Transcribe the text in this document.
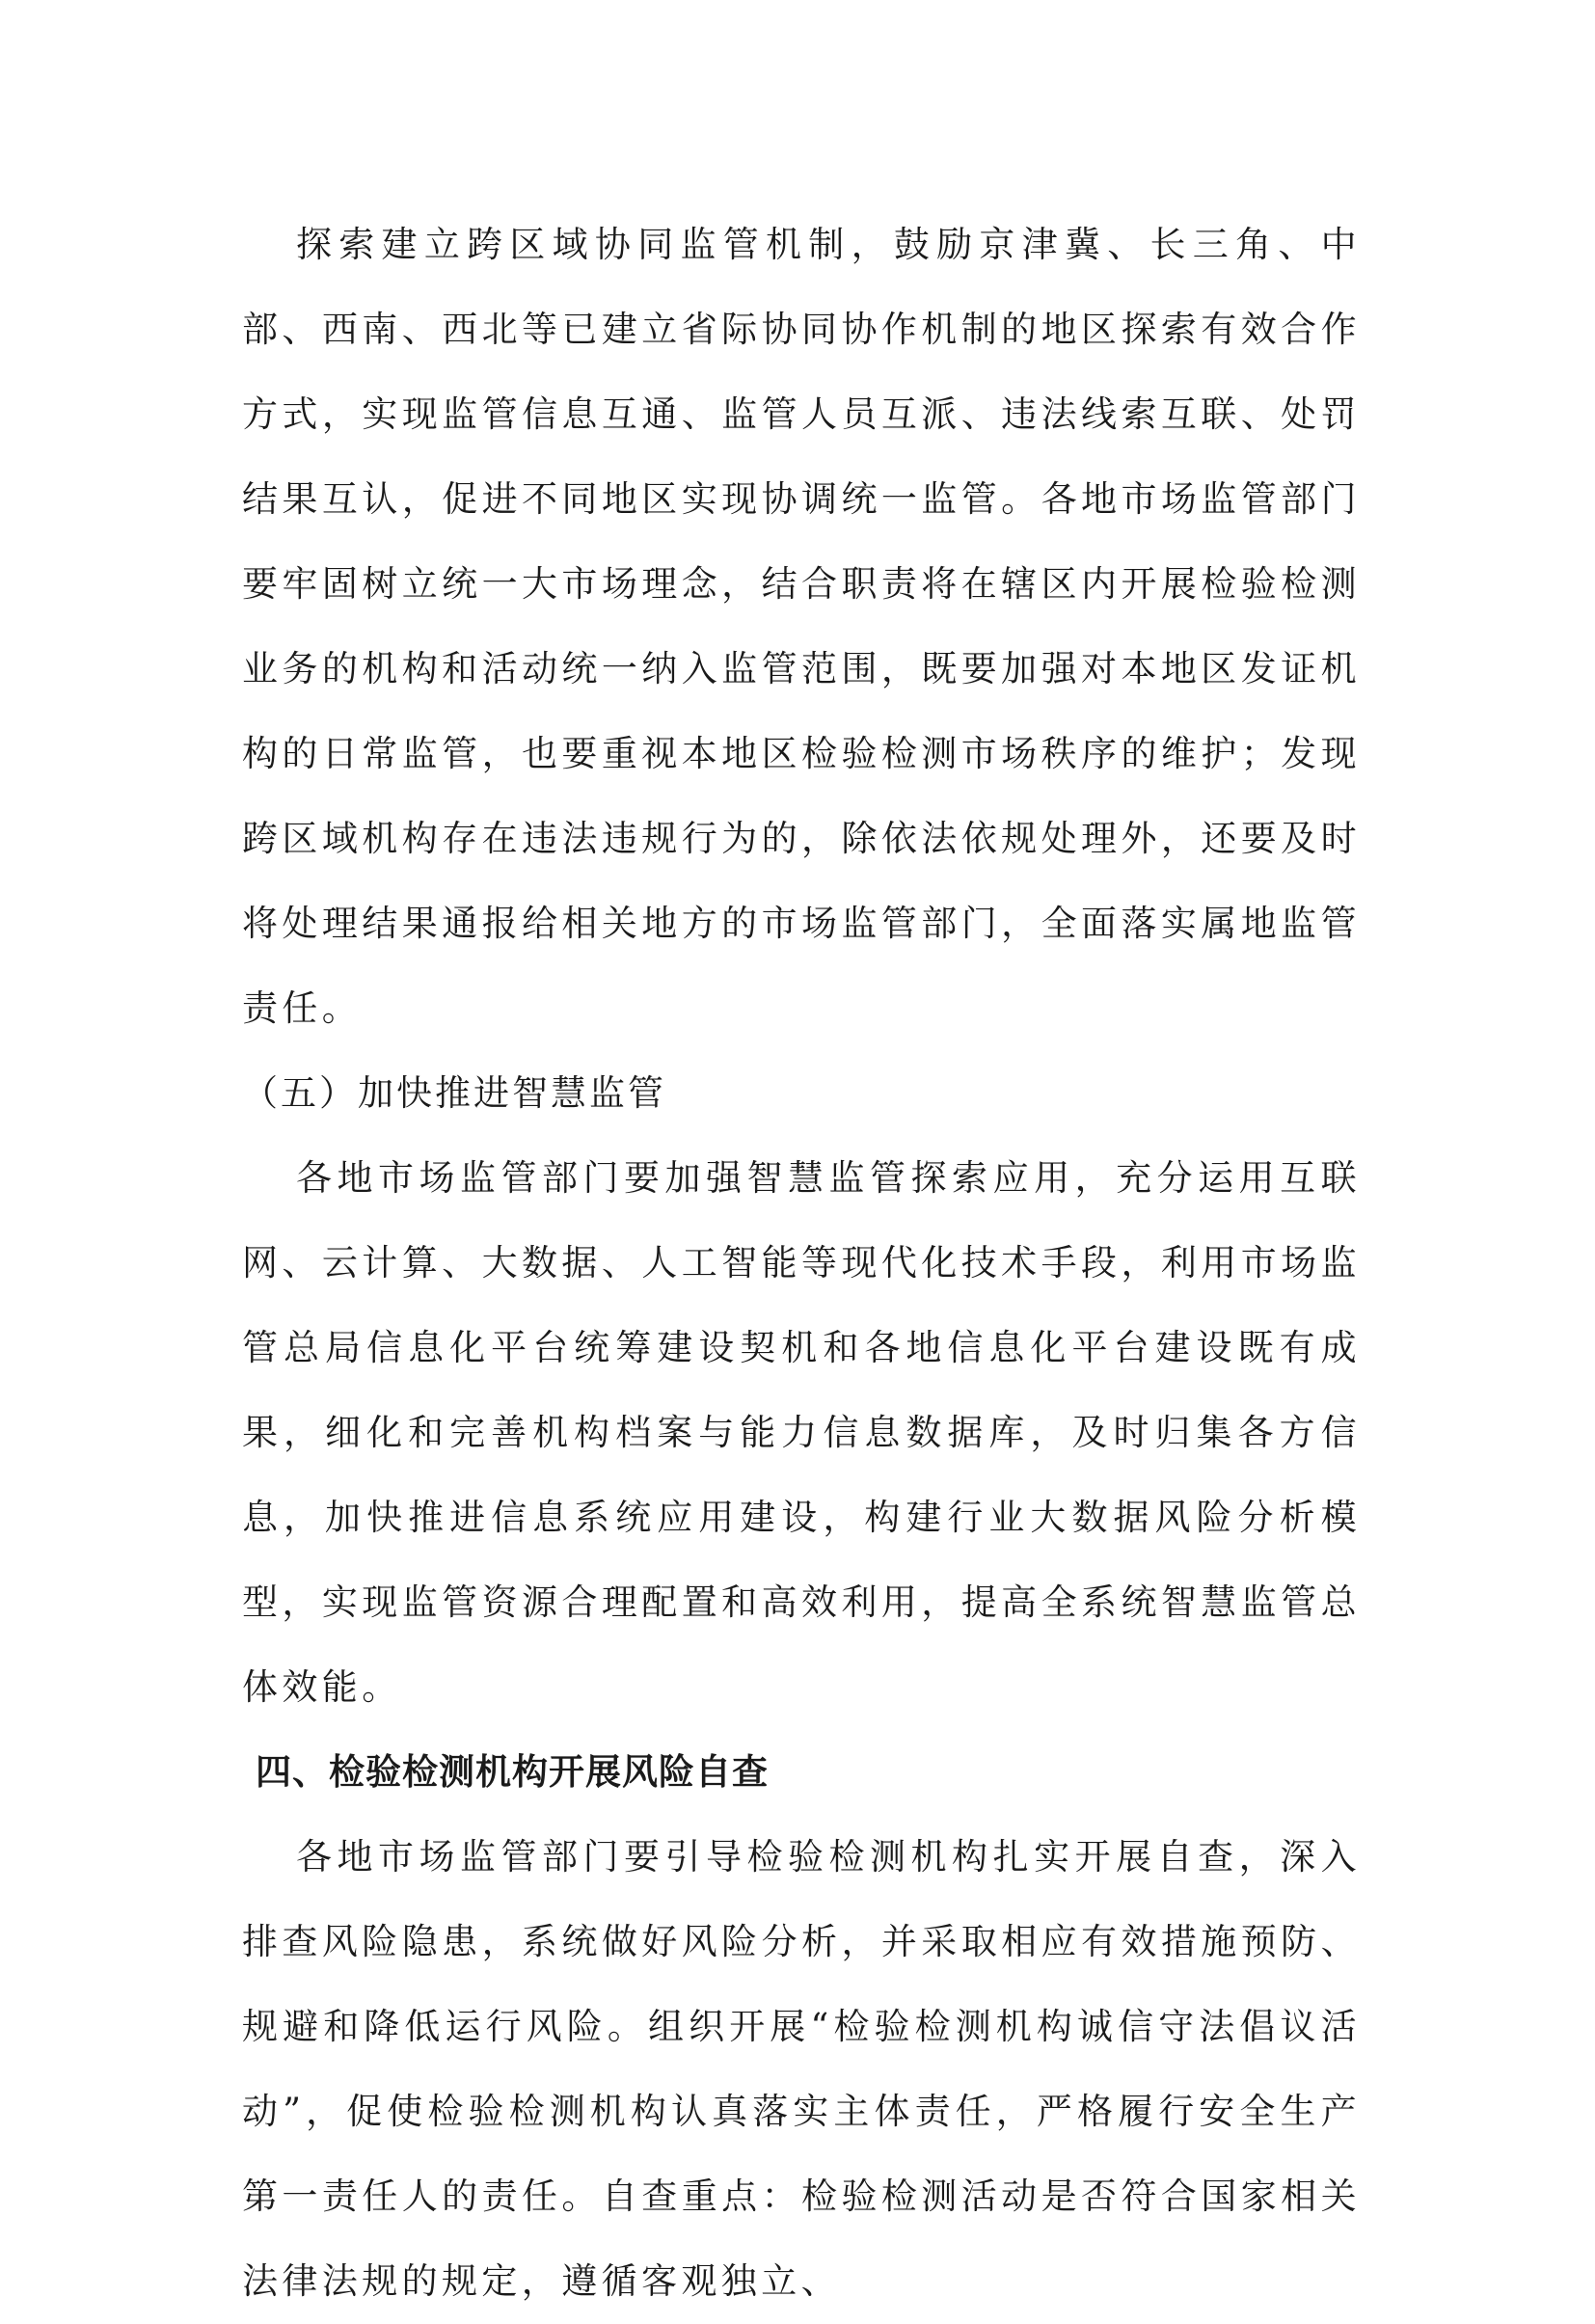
探索建立跨区域协同监管机制，鼓励京津冀、长三角、中部、西南、西北等已建立省际协同协作机制的地区探索有效合作方式，实现监管信息互通、监管人员互派、违法线索互联、处罚结果互认，促进不同地区实现协调统一监管。各地市场监管部门要牢固树立统一大市场理念，结合职责将在辖区内开展检验检测业务的机构和活动统一纳入监管范围，既要加强对本地区发证机构的日常监管，也要重视本地区检验检测市场秩序的维护；发现跨区域机构存在违法违规行为的，除依法依规处理外，还要及时将处理结果通报给相关地方的市场监管部门，全面落实属地监管责任。

（五）加快推进智慧监管

各地市场监管部门要加强智慧监管探索应用，充分运用互联网、云计算、大数据、人工智能等现代化技术手段，利用市场监管总局信息化平台统筹建设契机和各地信息化平台建设既有成果，细化和完善机构档案与能力信息数据库，及时归集各方信息，加快推进信息系统应用建设，构建行业大数据风险分析模型，实现监管资源合理配置和高效利用，提高全系统智慧监管总体效能。

四、检验检测机构开展风险自查

各地市场监管部门要引导检验检测机构扎实开展自查，深入排查风险隐患，系统做好风险分析，并采取相应有效措施预防、规避和降低运行风险。组织开展“检验检测机构诚信守法倡议活动”，促使检验检测机构认真落实主体责任，严格履行安全生产第一责任人的责任。自查重点：检验检测活动是否符合国家相关法律法规的规定，遵循客观独立、
